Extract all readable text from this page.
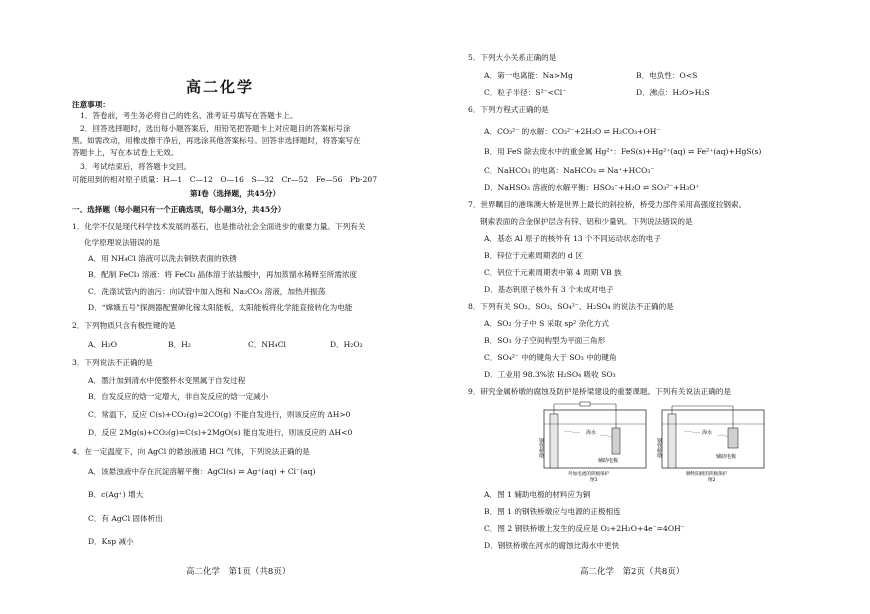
高二化学
注意事项：
1．答卷前，考生务必将自己的姓名、准考证号填写在答题卡上。
2．回答选择题时，选出每小题答案后，用铅笔把答题卡上对应题目的答案标号涂
黑。如需改动，用橡皮擦干净后，再选涂其他答案标号。回答非选择题时，将答案写在
答题卡上，写在本试卷上无效。
3．考试结束后，将答题卡交回。
可能用到的相对原子质量：H—1　C—12　O—16　S—32　Cr—52　Fe—56　Pb-207
第Ⅰ卷（选择题，共45分）
一、选择题（每小题只有一个正确选项，每小题3分，共45分）
1．化学不仅是现代科学技术发展的基石，也是推动社会全面进步的重要力量。下列有关
化学原理说法错误的是
A．用 NH₄Cl 溶液可以洗去铜铁表面的铁锈
B．配制 FeCl₃ 溶液：将 FeCl₃ 晶体溶于浓盐酸中，再加蒸馏水稀释至所需浓度
C．洗涤试管内的油污：向试管中加入饱和 Na₂CO₃ 溶液，加热并振荡
D．“嫦娥五号”探测器配置砷化镓太阳能板，太阳能板将化学能直接转化为电能
2．下列物质只含有极性键的是
A．H₂O	B．H₂	C．NH₄Cl	D．H₂O₂
3．下列说法不正确的是
A．墨汁加到清水中使整杯水变黑属于自发过程
B．自发反应的焓一定增大，非自发反应的焓一定减小
C．常温下，反应 C(s)+CO₂(g)=2CO(g) 不能自发进行，则该反应的 ΔH>0
D．反应 2Mg(s)+CO₂(g)=C(s)+2MgO(s) 能自发进行，则该反应的 ΔH<0
4．在一定温度下，向 AgCl 的悬浊液通 HCl 气体，下列说法正确的是
A．该悬浊液中存在沉淀溶解平衡：AgCl(s) ⇌ Ag⁺(aq) + Cl⁻(aq)
B．c(Ag⁺) 增大
C．有 AgCl 固体析出
D．Ksp 减小
高二化学　第1页（共8页）
5．下列大小关系正确的是
A．第一电离能：Na>Mg	B．电负性：O<S
C．粒子半径：S²⁻<Cl⁻	D．沸点：H₂O>H₂S
6．下列方程式正确的是
A．CO₃²⁻ 的水解：CO₃²⁻+2H₂O ⇌ H₂CO₃+OH⁻
B．用 FeS 除去废水中的重金属 Hg²⁺：FeS(s)+Hg²⁺(aq) ⇌ Fe²⁺(aq)+HgS(s)
C．NaHCO₃ 的电离：NaHCO₃ ⇌ Na⁺+HCO₃⁻
D．NaHSO₃ 溶液的水解平衡：HSO₃⁻+H₂O ⇌ SO₃²⁻+H₃O⁺
7．世界瞩目的港珠澳大桥是世界上最长的斜拉桥，桥受力部件采用高强度拉钢索。
钢索表面的合金保护层含有锌、铝和少量钒。下列说法错误的是
A．基态 Al 原子的核外有 13 个不同运动状态的电子
B．锌位于元素周期表的 d 区
C．钒位于元素周期表中第 4 周期 VB 族
D．基态钒原子核外有 3 个未成对电子
8．下列有关 SO₂、SO₃、SO₄²⁻、H₂SO₄ 的说法不正确的是
A．SO₂ 分子中 S 采取 sp² 杂化方式
B．SO₃ 分子空间构型为平面三角形
C．SO₄²⁻ 中的键角大于 SO₃ 中的键角
D．工业用 98.3%浓 H₂SO₄ 吸收 SO₃
9．研究金属桥墩的腐蚀及防护是桥梁建设的重要课题。下列有关说法正确的是
钢铁桥墩
海水
辅助电极
外加电流的阴极保护
图1
钢铁桥墩
海水
辅助电极
牺牲阳极的阴极保护
图2
A．图 1 辅助电极的材料应为铜
B．图 1 的钢铁桥墩应与电源的正极相连
C．图 2 钢铁桥墩上发生的反应是 O₂+2H₂O+4e⁻=4OH⁻
D．钢铁桥墩在河水的腐蚀比海水中更快
高二化学　第2页（共8页）
